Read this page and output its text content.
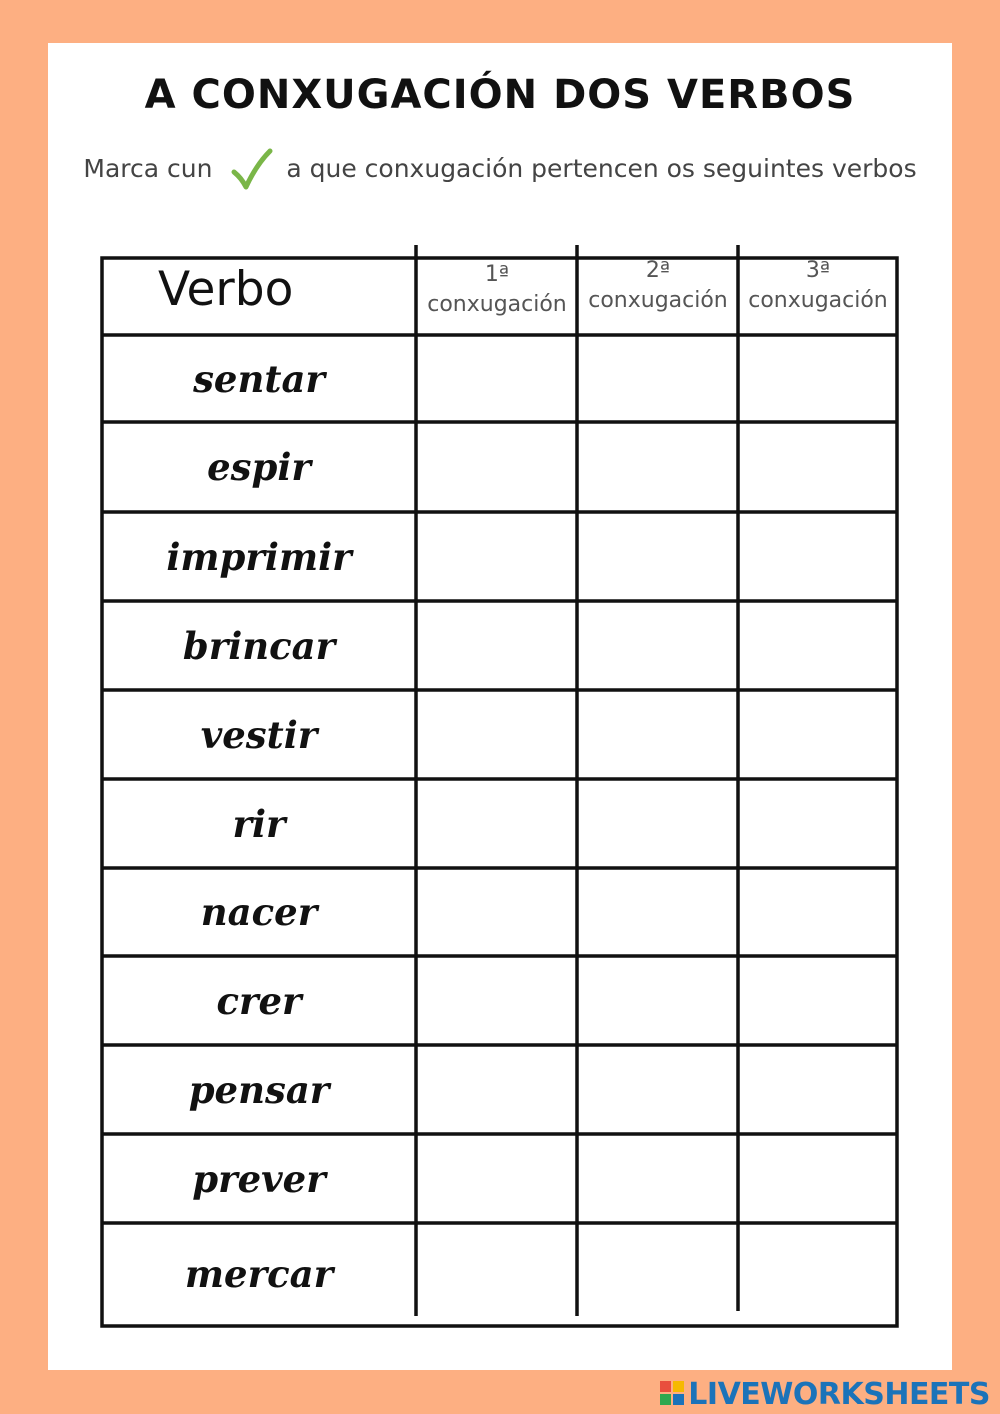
A CONXUGACIÓN DOS VERBOS
Marca cun	a que conxugación pertencen os seguintes verbos
Verbo	1ª
conxugación
2ª
conxugación
3ª
conxugación
sentar
espir
imprimir
brincar
vestir
rir
nacer
crer
pensar
prever
mercar
LIVEWORKSHEETS
